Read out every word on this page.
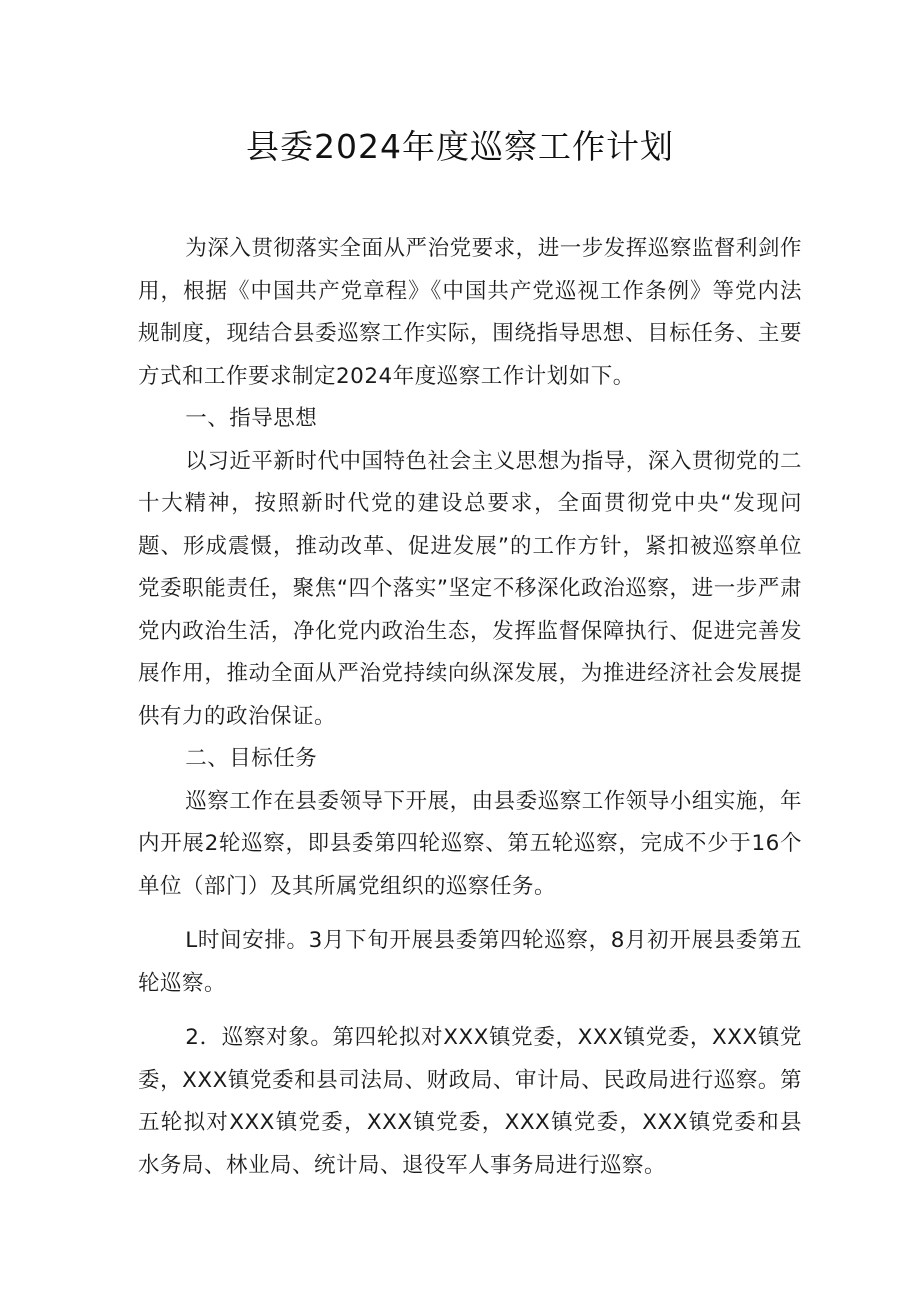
县委2024年度巡察工作计划

为深入贯彻落实全面从严治党要求，进一步发挥巡察监督利剑作用，根据《中国共产党章程》《中国共产党巡视工作条例》等党内法规制度，现结合县委巡察工作实际，围绕指导思想、目标任务、主要方式和工作要求制定2024年度巡察工作计划如下。

一、指导思想

以习近平新时代中国特色社会主义思想为指导，深入贯彻党的二十大精神，按照新时代党的建设总要求，全面贯彻党中央“发现问题、形成震慑，推动改革、促进发展”的工作方针，紧扣被巡察单位党委职能责任，聚焦“四个落实”坚定不移深化政治巡察，进一步严肃党内政治生活，净化党内政治生态，发挥监督保障执行、促进完善发展作用，推动全面从严治党持续向纵深发展，为推进经济社会发展提供有力的政治保证。

二、目标任务

巡察工作在县委领导下开展，由县委巡察工作领导小组实施，年内开展2轮巡察，即县委第四轮巡察、第五轮巡察，完成不少于16个单位（部门）及其所属党组织的巡察任务。

L时间安排。3月下旬开展县委第四轮巡察，8月初开展县委第五轮巡察。

2．巡察对象。第四轮拟对XXX镇党委，XXX镇党委，XXX镇党委，XXX镇党委和县司法局、财政局、审计局、民政局进行巡察。第五轮拟对XXX镇党委，XXX镇党委，XXX镇党委，XXX镇党委和县水务局、林业局、统计局、退役军人事务局进行巡察。
